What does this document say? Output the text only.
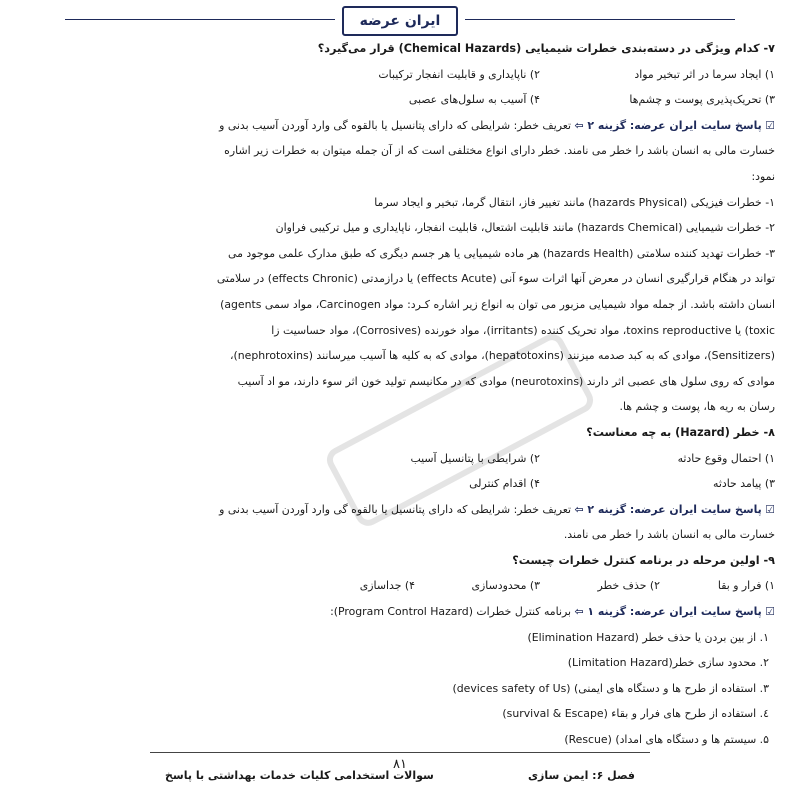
ایران عرضه
۷- کدام ویژگی در دسته‌بندی خطرات شیمیایی (Chemical Hazards) قرار می‌گیرد؟
۱) ایجاد سرما در اثر تبخیر مواد
۲) ناپایداری و قابلیت انفجار ترکیبات
۳) تحریک‌پذیری پوست و چشم‌ها
۴) آسیب به سلول‌های عصبی
☑ پاسخ سایت ایران عرضه: گزینه ۲ ⇦ تعریف خطر: شرایطی که دارای پتانسیل یا بالقوه گی وارد آوردن آسیب بدنی و
خسارت مالی به انسان باشد را خطر می نامند. خطر دارای انواع مختلفی است که از آن جمله میتوان به خطرات زیر اشاره
نمود:
۱- خطرات فیزیکی (hazards Physical) مانند تغییر فاز، انتقال گرما، تبخیر و ایجاد سرما
۲- خطرات شیمیایی (hazards Chemical) مانند قابلیت اشتعال، قابلیت انفجار، ناپایداری و میل ترکیبی فراوان
۳- خطرات تهدید کننده سلامتی (hazards Health) هر ماده شیمیایی یا هر جسم دیگری که طبق مدارک علمی موجود می
تواند در هنگام قرارگیری انسان در معرض آنها اثرات سوء آنی (effects Acute) یا درازمدتی (effects Chronic) در سلامتی
انسان داشته باشد. از جمله مواد شیمیایی مزبور می توان به انواع زیر اشاره کـرد: مواد Carcinogen، مواد سمی agents)
toxic) یا toxins reproductive، مواد تحریک کننده (irritants)، مواد خورنده (Corrosives)، مواد حساسیت زا
(Sensitizers)، موادی که به کبد صدمه میزنند (hepatotoxins)، موادی که به کلیه ها آسیب میرسانند (nephrotoxins)،
موادی که روی سلول های عصبی اثر دارند (neurotoxins) موادی که در مکانیسم تولید خون اثر سوء دارند، مو اد آسیب
رسان به ریه ها، پوست و چشم ها.
۸- خطر (Hazard) به چه معناست؟
۱) احتمال وقوع حادثه
۲) شرایطی با پتانسیل آسیب
۳) پیامد حادثه
۴) اقدام کنترلی
☑ پاسخ سایت ایران عرضه: گزینه ۲ ⇦ تعریف خطر: شرایطی که دارای پتانسیل یا بالقوه گی وارد آوردن آسیب بدنی و
خسارت مالی به انسان باشد را خطر می نامند.
۹- اولین مرحله در برنامه کنترل خطرات چیست؟
۱) فرار و بقا
۲) حذف خطر
۳) محدودسازی
۴) جداسازی
☑ پاسخ سایت ایران عرضه: گزینه ۱ ⇦ برنامه کنترل خطرات (Program Control Hazard):
۱. از بین بردن یا حذف خطر (Elimination Hazard)
۲. محدود سازی خطر(Limitation Hazard)
۳. استفاده از طرح ها و دستگاه های ایمنی) (devices safety of Us)
٤. استفاده از طرح های فرار و بقاء (survival & Escape)
۵. سیستم ها و دستگاه های امداد) (Rescue)
۸۱
سوالات استخدامی کلیات خدمات بهداشتی با پاسخ	فصل ۶: ایمن سازی
